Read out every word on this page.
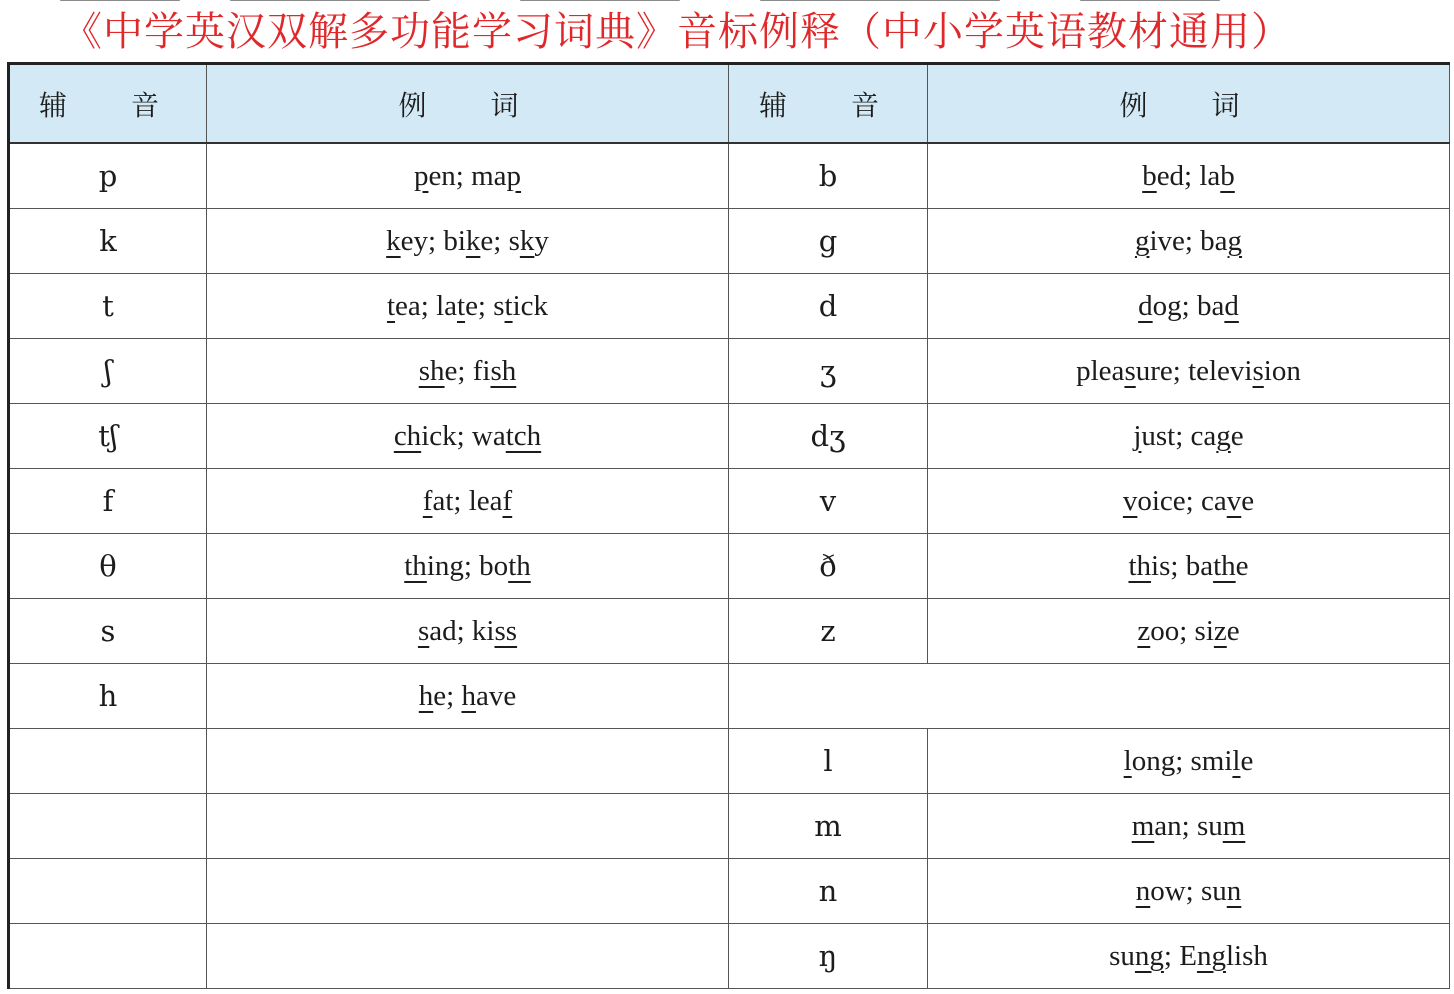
《中学英汉双解多功能学习词典》音标例释（中小学英语教材通用）
辅　音	例　词	辅　音	例　词
p	pen; map	b	bed; lab
k	key; bike; sky	g	give; bag
t	tea; late; stick	d	dog; bad
ʃ	she; fish	ʒ	pleasure; television
tʃ	chick; watch	dʒ	just; cage
f	fat; leaf	v	voice; cave
θ	thing; both	ð	this; bathe
s	sad; kiss	z	zoo; size
h	he; have		
		l	long; smile
		m	man; sum
		n	now; sun
		ŋ	sung; English
